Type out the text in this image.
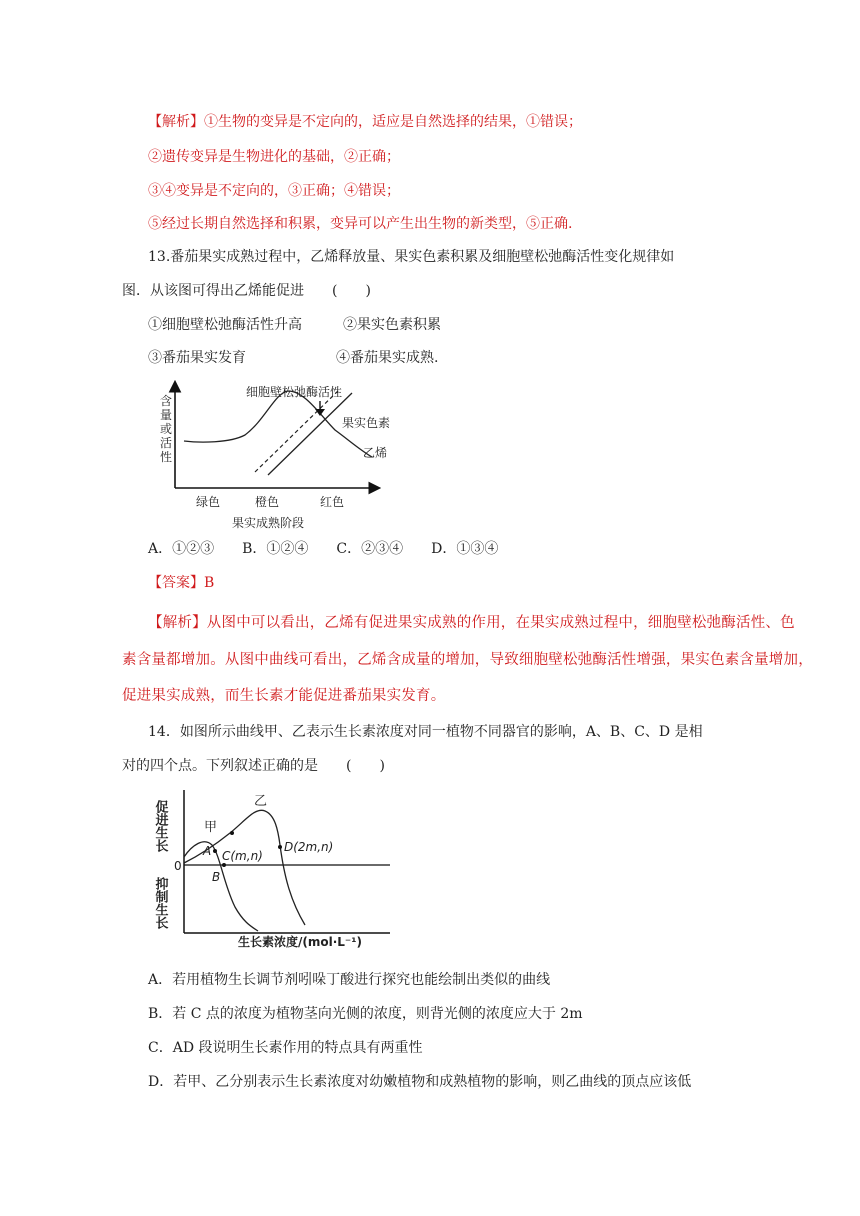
【解析】①生物的变异是不定向的，适应是自然选择的结果，①错误；
②遗传变异是生物进化的基础，②正确；
③④变异是不定向的，③正确；④错误；
⑤经过长期自然选择和积累，变异可以产生出生物的新类型，⑤正确.
13.番茄果实成熟过程中，乙烯释放量、果实色素积累及细胞壁松弛酶活性变化规律如
图．从该图可得出乙烯能促进　　(　　)
①细胞壁松弛酶活性升高	②果实色素积累
③番茄果实发育	④番茄果实成熟.
含
量
或
活
性
细胞壁松弛酶活性
果实色素
乙烯
绿色	橙色	红色
果实成熟阶段
A．①②③　　B．①②④　　C．②③④　　D．①③④
【答案】B
【解析】从图中可以看出，乙烯有促进果实成熟的作用，在果实成熟过程中，细胞壁松弛酶活性、色
素含量都增加。从图中曲线可看出，乙烯含成量的增加，导致细胞壁松弛酶活性增强，果实色素含量增加，
促进果实成熟，而生长素才能促进番茄果实发育。
14．如图所示曲线甲、乙表示生长素浓度对同一植物不同器官的影响，A、B、C、D 是相
对的四个点。下列叙述正确的是　　(　　)
促进生长
抑制生长
0
甲
乙
A
B
C(m,n)
D(2m,n)
生长素浓度/(mol·L⁻¹)
A．若用植物生长调节剂吲哚丁酸进行探究也能绘制出类似的曲线
B．若 C 点的浓度为植物茎向光侧的浓度，则背光侧的浓度应大于 2m
C．AD 段说明生长素作用的特点具有两重性
D．若甲、乙分别表示生长素浓度对幼嫩植物和成熟植物的影响，则乙曲线的顶点应该低
